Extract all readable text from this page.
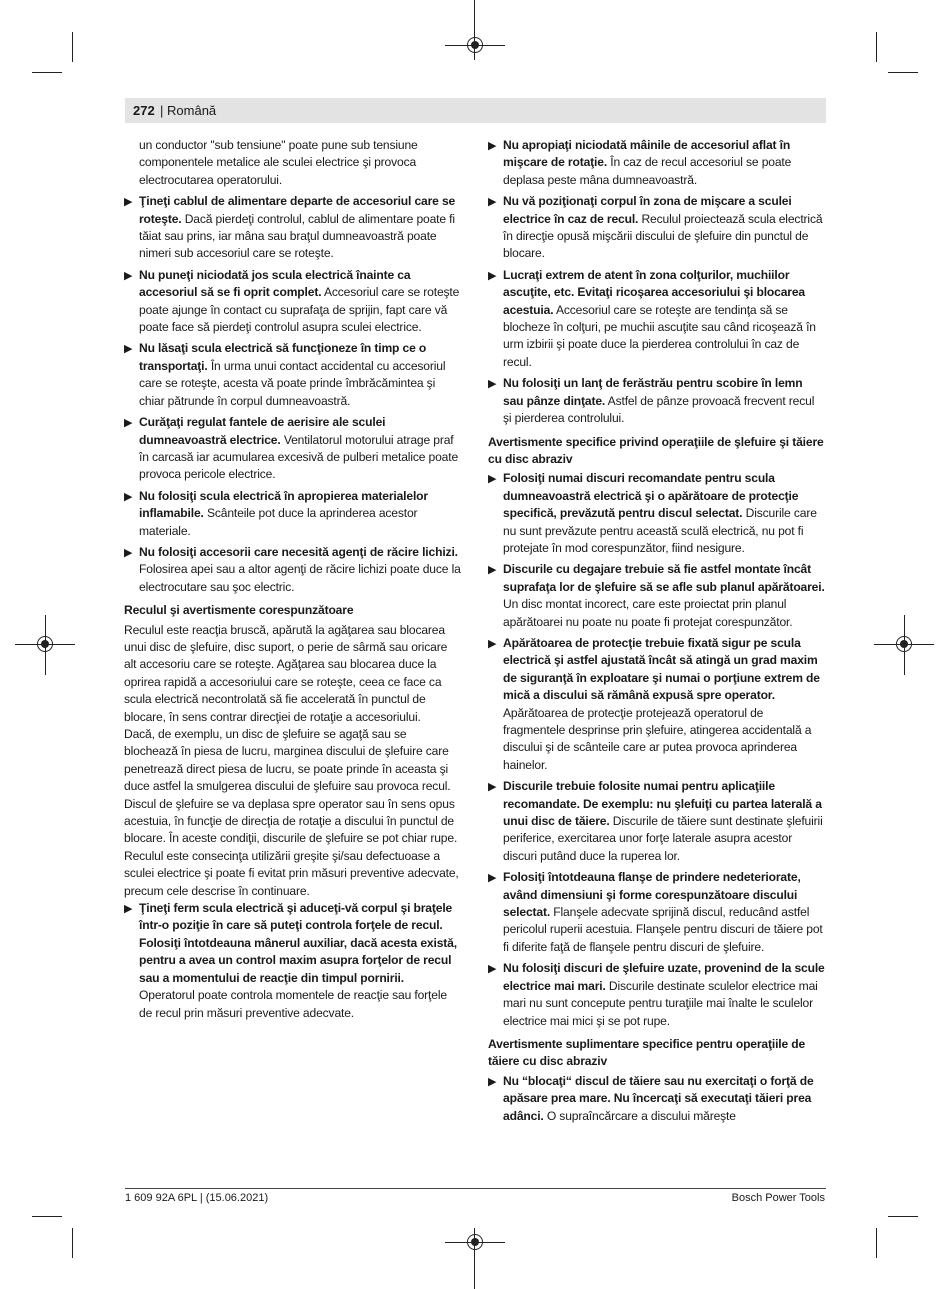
272 | Română
un conductor "sub tensiune" poate pune sub tensiune componentele metalice ale sculei electrice şi provoca electrocutarea operatorului.
▶ Ţineţi cablul de alimentare departe de accesoriul care se roteşte. Dacă pierdeţi controlul, cablul de alimentare poate fi tăiat sau prins, iar mâna sau braţul dumneavoastră poate nimeri sub accesoriul care se roteşte.
▶ Nu puneţi niciodată jos scula electrică înainte ca accesoriul să se fi oprit complet. Accesoriul care se roteşte poate ajunge în contact cu suprafaţa de sprijin, fapt care vă poate face să pierdeţi controlul asupra sculei electrice.
▶ Nu lăsaţi scula electrică să funcţioneze în timp ce o transportaţi. În urma unui contact accidental cu accesoriul care se roteşte, acesta vă poate prinde îmbrăcămintea şi chiar pătrunde în corpul dumneavoastră.
▶ Curăţaţi regulat fantele de aerisire ale sculei dumneavoastră electrice. Ventilatorul motorului atrage praf în carcasă iar acumularea excesivă de pulberi metalice poate provoca pericole electrice.
▶ Nu folosiţi scula electrică în apropierea materialelor inflamabile. Scânteile pot duce la aprinderea acestor materiale.
▶ Nu folosiţi accesorii care necesită agenţi de răcire lichizi. Folosirea apei sau a altor agenţi de răcire lichizi poate duce la electrocutare sau şoc electric.
Reculul şi avertismente corespunzătoare
Reculul este reacţia bruscă, apărută la agăţarea sau blocarea unui disc de şlefuire, disc suport, o perie de sârmă sau oricare alt accesoriu care se roteşte. Agăţarea sau blocarea duce la oprirea rapidă a accesoriului care se roteşte, ceea ce face ca scula electrică necontrolată să fie accelerată în punctul de blocare, în sens contrar direcţiei de rotaţie a accesoriului.
Dacă, de exemplu, un disc de şlefuire se agaţă sau se blochează în piesa de lucru, marginea discului de şlefuire care penetrează direct piesa de lucru, se poate prinde în aceasta şi duce astfel la smulgerea discului de şlefuire sau provoca recul. Discul de şlefuire se va deplasa spre operator sau în sens opus acestuia, în funcţie de direcţia de rotaţie a discului în punctul de blocare. În aceste condiţii, discurile de şlefuire se pot chiar rupe.
Reculul este consecinţa utilizării greşite şi/sau defectuoase a sculei electrice şi poate fi evitat prin măsuri preventive adecvate, precum cele descrise în continuare.
▶ Ţineţi ferm scula electrică şi aduceţi-vă corpul şi braţele într-o poziţie în care să puteţi controla forţele de recul. Folosiţi întotdeauna mânerul auxiliar, dacă acesta există, pentru a avea un control maxim asupra forţelor de recul sau a momentului de reacţie din timpul pornirii. Operatorul poate controla momentele de reacţie sau forţele de recul prin măsuri preventive adecvate.
▶ Nu apropiaţi niciodată mâinile de accesoriul aflat în mişcare de rotaţie. În caz de recul accesoriul se poate deplasa peste mâna dumneavoastră.
▶ Nu vă poziţionaţi corpul în zona de mişcare a sculei electrice în caz de recul. Reculul proiectează scula electrică în direcţie opusă mişcării discului de şlefuire din punctul de blocare.
▶ Lucraţi extrem de atent în zona colţurilor, muchiilor ascuţite, etc. Evitaţi ricoşarea accesoriului şi blocarea acestuia. Accesoriul care se roteşte are tendinţa să se blocheze în colţuri, pe muchii ascuţite sau când ricoşează în urm izbirii şi poate duce la pierderea controlului în caz de recul.
▶ Nu folosiţi un lanţ de ferăstrău pentru scobire în lemn sau pânze dinţate. Astfel de pânze provoacă frecvent recul şi pierderea controlului.
Avertismente specifice privind operaţiile de şlefuire şi tăiere cu disc abraziv
▶ Folosiţi numai discuri recomandate pentru scula dumneavoastră electrică şi o apărătoare de protecţie specifică, prevăzută pentru discul selectat. Discurile care nu sunt prevăzute pentru această sculă electrică, nu pot fi protejate în mod corespunzător, fiind nesigure.
▶ Discurile cu degajare trebuie să fie astfel montate încât suprafaţa lor de şlefuire să se afle sub planul apărătoarei. Un disc montat incorect, care este proiectat prin planul apărătoarei nu poate nu poate fi protejat corespunzător.
▶ Apărătoarea de protecţie trebuie fixată sigur pe scula electrică şi astfel ajustată încât să atingă un grad maxim de siguranţă în exploatare şi numai o porţiune extrem de mică a discului să rămână expusă spre operator. Apărătoarea de protecţie protejează operatorul de fragmentele desprinse prin şlefuire, atingerea accidentală a discului şi de scânteile care ar putea provoca aprinderea hainelor.
▶ Discurile trebuie folosite numai pentru aplicaţiile recomandate. De exemplu: nu şlefuiţi cu partea laterală a unui disc de tăiere. Discurile de tăiere sunt destinate şlefuirii periferice, exercitarea unor forţe laterale asupra acestor discuri putând duce la ruperea lor.
▶ Folosiţi întotdeauna flanşe de prindere nedeteriorate, având dimensiuni şi forme corespunzătoare discului selectat. Flanşele adecvate sprijină discul, reducând astfel pericolul ruperii acestuia. Flanşele pentru discuri de tăiere pot fi diferite faţă de flanşele pentru discuri de şlefuire.
▶ Nu folosiţi discuri de şlefuire uzate, provenind de la scule electrice mai mari. Discurile destinate sculelor electrice mai mari nu sunt concepute pentru turaţiile mai înalte le sculelor electrice mai mici şi se pot rupe.
Avertismente suplimentare specifice pentru operaţiile de tăiere cu disc abraziv
▶ Nu “blocaţi“ discul de tăiere sau nu exercitaţi o forţă de apăsare prea mare. Nu încercaţi să executaţi tăieri prea adânci. O supraîncărcare a discului măreşte
1 609 92A 6PL | (15.06.2021)	Bosch Power Tools
